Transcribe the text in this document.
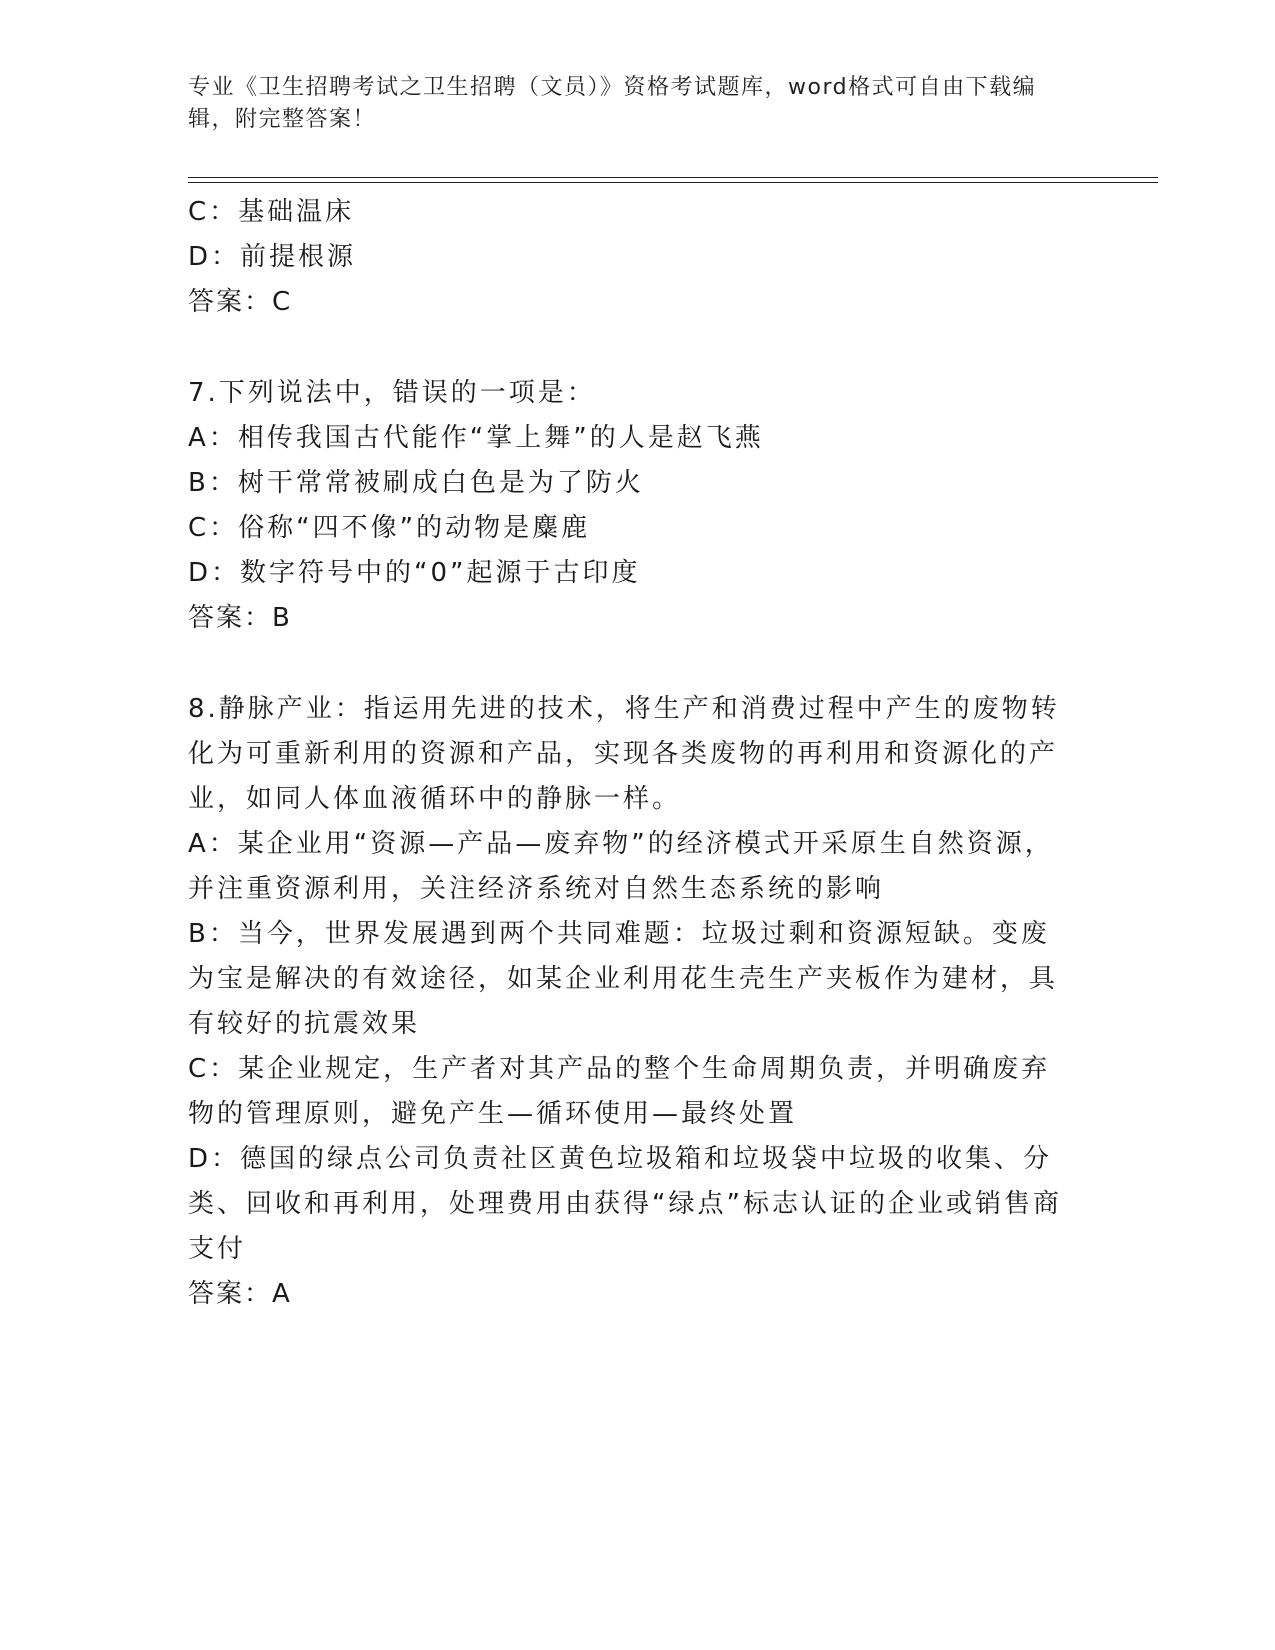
专业《卫生招聘考试之卫生招聘（文员）》资格考试题库，word格式可自由下载编辑，附完整答案！
C：基础温床
D：前提根源
答案：C
7.下列说法中，错误的一项是：
A：相传我国古代能作“掌上舞”的人是赵飞燕
B：树干常常被刷成白色是为了防火
C：俗称“四不像”的动物是麋鹿
D：数字符号中的“0”起源于古印度
答案：B
8.静脉产业：指运用先进的技术，将生产和消费过程中产生的废物转化为可重新利用的资源和产品，实现各类废物的再利用和资源化的产业，如同人体血液循环中的静脉一样。
A：某企业用“资源—产品—废弃物”的经济模式开采原生自然资源，并注重资源利用，关注经济系统对自然生态系统的影响
B：当今，世界发展遇到两个共同难题：垃圾过剩和资源短缺。变废为宝是解决的有效途径，如某企业利用花生壳生产夹板作为建材，具有较好的抗震效果
C：某企业规定，生产者对其产品的整个生命周期负责，并明确废弃物的管理原则，避免产生—循环使用—最终处置
D：德国的绿点公司负责社区黄色垃圾箱和垃圾袋中垃圾的收集、分类、回收和再利用，处理费用由获得“绿点”标志认证的企业或销售商支付
答案：A
